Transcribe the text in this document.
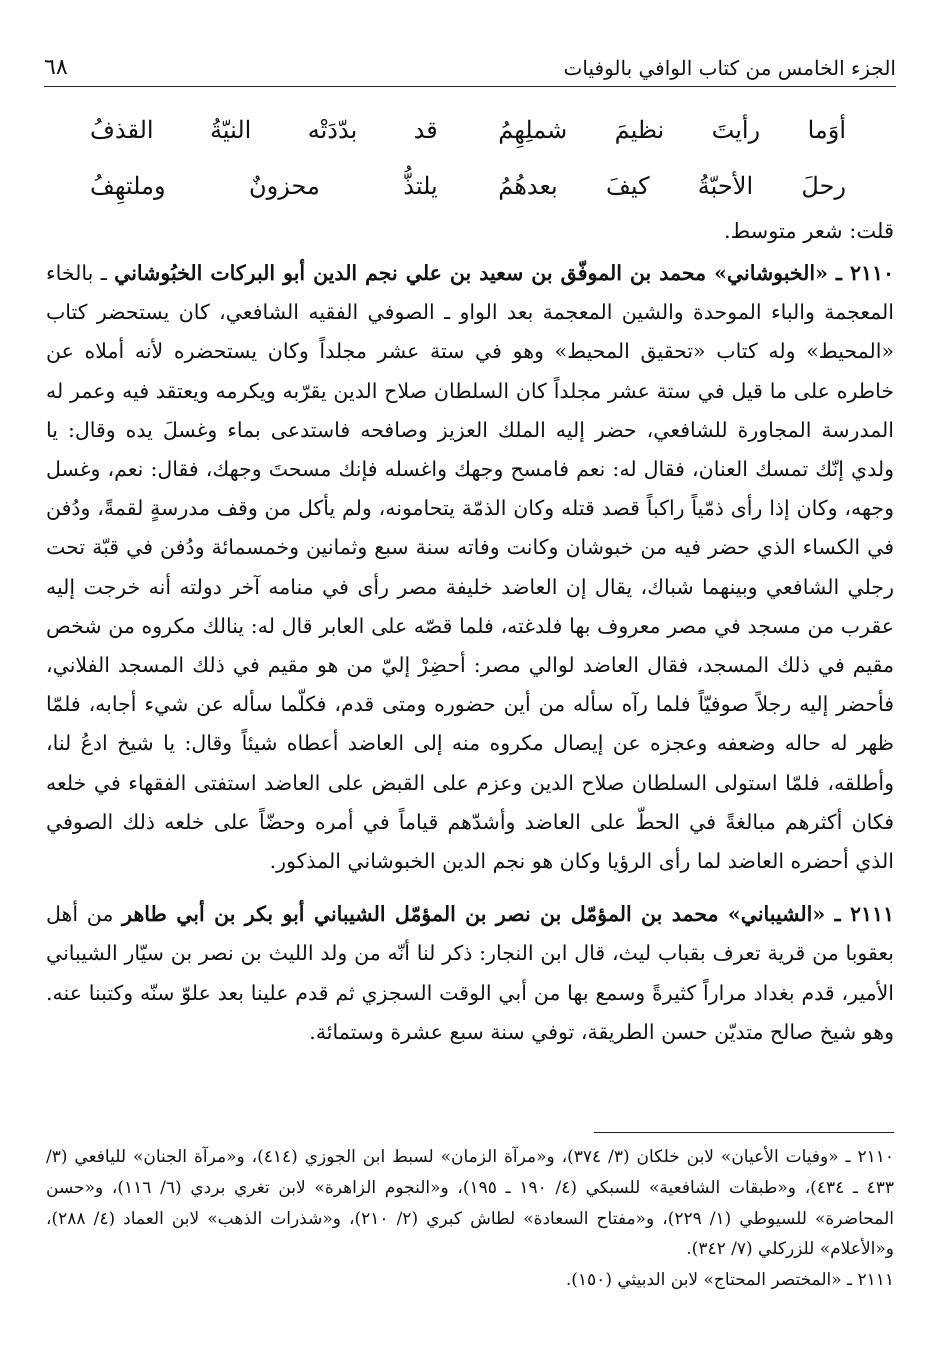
الجزء الخامس من كتاب الوافي بالوفيات
٦٨
أوَما رأيتَ نظيمَ شملِهِمُ
قد بدّدَتْه النيّةُ القذفُ
رحلَ الأحبّةُ كيفَ بعدهُمُ
يلتذُّ محزونٌ وملتهِفُ
قلت: شعر متوسط.

٢١١٠ ـ «الخبوشاني» محمد بن الموفّق بن سعيد بن علي نجم الدين أبو البركات الخبُوشاني ـ بالخاء المعجمة والباء الموحدة والشين المعجمة بعد الواو ـ الصوفي الفقيه الشافعي، كان يستحضر كتاب «المحيط» وله كتاب «تحقيق المحيط» وهو في ستة عشر مجلداً وكان يستحضره لأنه أملاه عن خاطره على ما قيل في ستة عشر مجلداً كان السلطان صلاح الدين يقرّبه ويكرمه ويعتقد فيه وعمر له المدرسة المجاورة للشافعي، حضر إليه الملك العزيز وصافحه فاستدعى بماء وغسلَ يده وقال: يا ولدي إنّك تمسك العنان، فقال له: نعم فامسح وجهك واغسله فإنك مسحتَ وجهك، فقال: نعم، وغسل وجهه، وكان إذا رأى ذمّياً راكباً قصد قتله وكان الذمّة يتحامونه، ولم يأكل من وقف مدرسةٍ لقمةً، ودُفن في الكساء الذي حضر فيه من خبوشان وكانت وفاته سنة سبع وثمانين وخمسمائة ودُفن في قبّة تحت رجلي الشافعي وبينهما شباك، يقال إن العاضد خليفة مصر رأى في منامه آخر دولته أنه خرجت إليه عقرب من مسجد في مصر معروف بها فلدغته، فلما قصّه على العابر قال له: ينالك مكروه من شخص مقيم في ذلك المسجد، فقال العاضد لوالي مصر: أحضِرْ إليّ من هو مقيم في ذلك المسجد الفلاني، فأحضر إليه رجلاً صوفيّاً فلما رآه سأله من أين حضوره ومتى قدم، فكلّما سأله عن شيء أجابه، فلمّا ظهر له حاله وضعفه وعجزه عن إيصال مكروه منه إلى العاضد أعطاه شيئاً وقال: يا شيخ ادعُ لنا، وأطلقه، فلمّا استولى السلطان صلاح الدين وعزم على القبض على العاضد استفتى الفقهاء في خلعه فكان أكثرهم مبالغةً في الحطّ على العاضد وأشدّهم قياماً في أمره وحضّاً على خلعه ذلك الصوفي الذي أحضره العاضد لما رأى الرؤيا وكان هو نجم الدين الخبوشاني المذكور.

٢١١١ ـ «الشيباني» محمد بن المؤمّل بن نصر بن المؤمّل الشيباني أبو بكر بن أبي طاهر من أهل بعقوبا من قرية تعرف بقباب ليث، قال ابن النجار: ذكر لنا أنّه من ولد الليث بن نصر بن سيّار الشيباني الأمير، قدم بغداد مراراً كثيرةً وسمع بها من أبي الوقت السجزي ثم قدم علينا بعد علوّ سنّه وكتبنا عنه. وهو شيخ صالح متديّن حسن الطريقة، توفي سنة سبع عشرة وستمائة.

٢١١٠ ـ «وفيات الأعيان» لابن خلكان (٣/ ٣٧٤)، و«مرآة الزمان» لسبط ابن الجوزي (٤١٤)، و«مرآة الجنان» لليافعي (٣/ ٤٣٣ ـ ٤٣٤)، و«طبقات الشافعية» للسبكي (٤/ ١٩٠ ـ ١٩٥)، و«النجوم الزاهرة» لابن تغري بردي (٦/ ١١٦)، و«حسن المحاضرة» للسيوطي (١/ ٢٢٩)، و«مفتاح السعادة» لطاش كبري (٢/ ٢١٠)، و«شذرات الذهب» لابن العماد (٤/ ٢٨٨)، و«الأعلام» للزركلي (٧/ ٣٤٢).

٢١١١ ـ «المختصر المحتاج» لابن الدبيثي (١٥٠).
